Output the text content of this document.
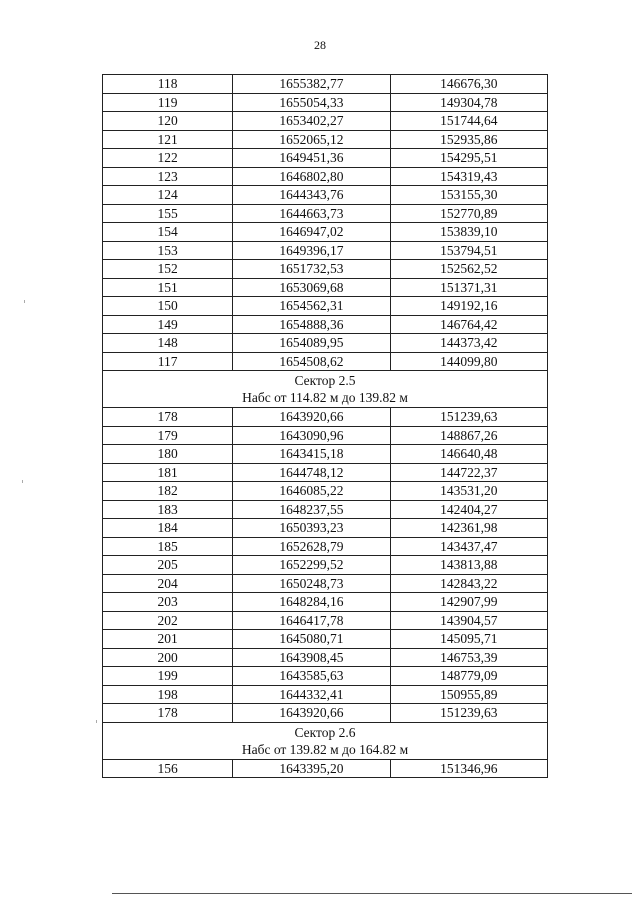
28
118	1655382,77	146676,30
119	1655054,33	149304,78
120	1653402,27	151744,64
121	1652065,12	152935,86
122	1649451,36	154295,51
123	1646802,80	154319,43
124	1644343,76	153155,30
155	1644663,73	152770,89
154	1646947,02	153839,10
153	1649396,17	153794,51
152	1651732,53	152562,52
151	1653069,68	151371,31
150	1654562,31	149192,16
149	1654888,36	146764,42
148	1654089,95	144373,42
117	1654508,62	144099,80

Сектор 2.5
Набс от 114.82 м до 139.82 м		

178	1643920,66	151239,63
179	1643090,96	148867,26
180	1643415,18	146640,48
181	1644748,12	144722,37
182	1646085,22	143531,20
183	1648237,55	142404,27
184	1650393,23	142361,98
185	1652628,79	143437,47
205	1652299,52	143813,88
204	1650248,73	142843,22
203	1648284,16	142907,99
202	1646417,78	143904,57
201	1645080,71	145095,71
200	1643908,45	146753,39
199	1643585,63	148779,09
198	1644332,41	150955,89
178	1643920,66	151239,63

Сектор 2.6
Набс от 139.82 м до 164.82 м		

156	1643395,20	151346,96
